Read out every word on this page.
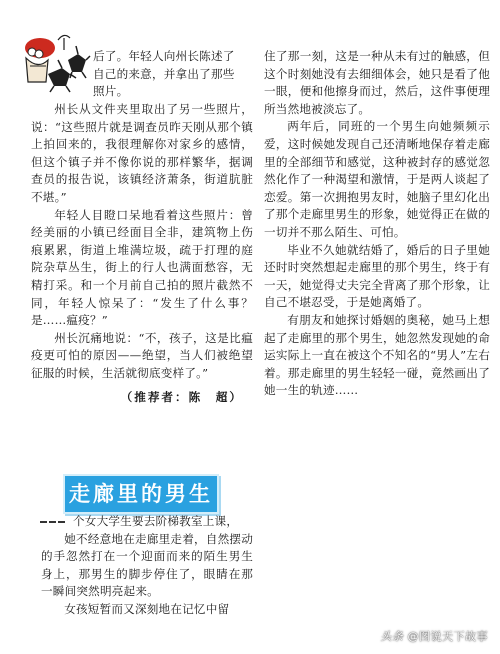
后了。年轻人向州长陈述了

自己的来意，并拿出了那些

照片。

州长从文件夹里取出了另一些照片，说：“这些照片就是调查员昨天刚从那个镇上拍回来的，我很理解你对家乡的感情，但这个镇子并不像你说的那样繁华，据调查员的报告说，该镇经济萧条，街道肮脏不堪。”

年轻人目瞪口呆地看着这些照片：曾经美丽的小镇已经面目全非，建筑物上伤痕累累，街道上堆满垃圾，疏于打理的庭院杂草丛生，街上的行人也满面愁容，无精打采。和一个月前自己拍的照片截然不同，年轻人惊呆了：“发生了什么事？是……瘟疫？”

州长沉痛地说：“不，孩子，这是比瘟疫更可怕的原因——绝望，当人们被绝望征服的时候，生活就彻底变样了。”

（推荐者：陈　超）
走廊里的男生

个女大学生要去阶梯教室上课，

她不经意地在走廊里走着，自然摆动的手忽然打在一个迎面而来的陌生男生身上，那男生的脚步停住了，眼睛在那一瞬间突然明亮起来。

女孩短暂而又深刻地在记忆中留

住了那一刻，这是一种从未有过的触感，但这个时刻她没有去细细体会，她只是看了他一眼，便和他擦身而过，然后，这件事便理所当然地被淡忘了。

两年后，同班的一个男生向她频频示爱，这时候她发现自己还清晰地保存着走廊里的全部细节和感觉，这种被封存的感觉忽然化作了一种渴望和激情，于是两人谈起了恋爱。第一次拥抱男友时，她脑子里幻化出了那个走廊里男生的形象，她觉得正在做的一切并不那么陌生、可怕。

毕业不久她就结婚了，婚后的日子里她还时时突然想起走廊里的那个男生，终于有一天，她觉得丈夫完全背离了那个形象，让自己不堪忍受，于是她离婚了。

有朋友和她探讨婚姻的奥秘，她马上想起了走廊里的那个男生，她忽然发现她的命运实际上一直在被这个不知名的“男人”左右着。那走廊里的男生轻轻一碰，竟然画出了她一生的轨迹……

头条 @图说天下故事
